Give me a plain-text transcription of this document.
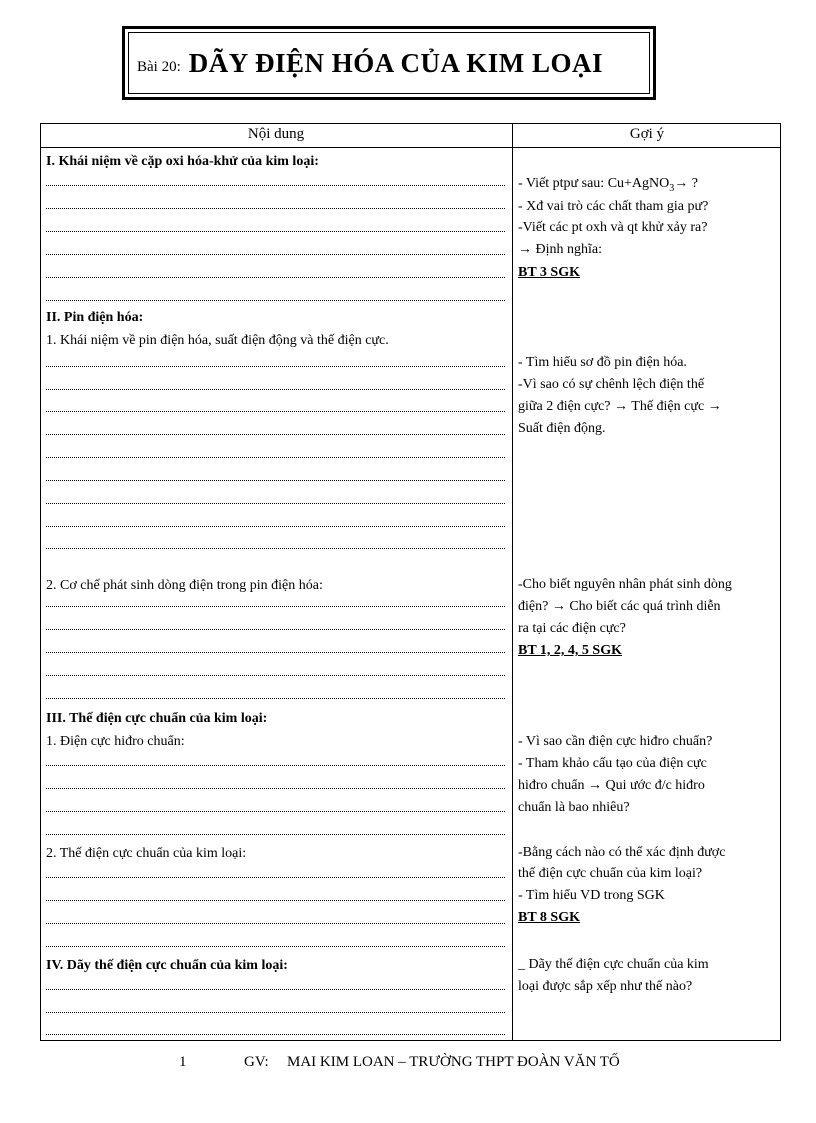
Bài 20: DÃY ĐIỆN HÓA CỦA KIM LOẠI
Nội dung	Gợi ý
I. Khái niệm về cặp oxi hóa-khử của kim loại:
II. Pin điện hóa:
1. Khái niệm về pin điện hóa, suất điện động và thế điện cực.
2. Cơ chế phát sinh dòng điện trong pin điện hóa:
III. Thế điện cực chuẩn của kim loại:
1. Điện cực hiđro chuẩn:
2. Thế điện cực chuẩn của kim loại:
IV. Dãy thế điện cực chuẩn của kim loại:
- Viết ptpư sau: Cu+AgNO$_3$→ ?
- Xđ vai trò các chất tham gia pư?
-Viết các pt oxh và qt khử xảy ra?
→ Định nghĩa:
BT 3 SGK
- Tìm hiểu sơ đồ pin điện hóa.
-Vì sao có sự chênh lệch điện thế
giữa 2 điện cực? → Thế điện cực →
Suất điện động.
-Cho biết nguyên nhân phát sinh dòng
điện? → Cho biết các quá trình diễn
ra tại các điện cực?
BT 1, 2, 4, 5 SGK
- Vì sao cần điện cực hiđro chuẩn?
- Tham khảo cấu tạo của điện cực
hiđro chuẩn → Qui ước đ/c hiđro
chuẩn là bao nhiêu?
-Bằng cách nào có thể xác định được
thế điện cực chuẩn của kim loại?
- Tìm hiểu VD trong SGK
BT 8 SGK
_ Dãy thế điện cực chuẩn của kim
loại được sắp xếp như thế nào?
1	GV: MAI KIM LOAN – TRƯỜNG THPT ĐOÀN VĂN TỐ
